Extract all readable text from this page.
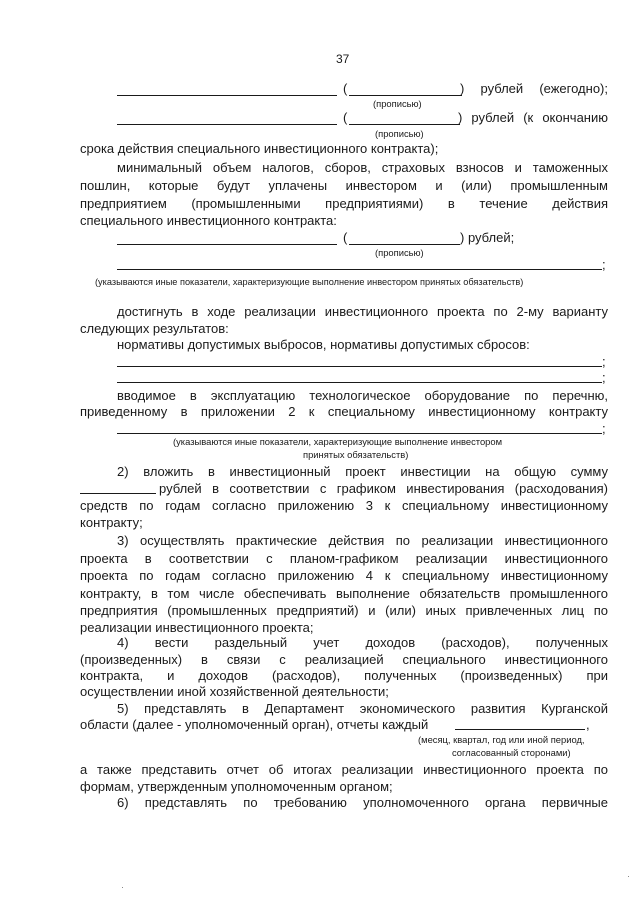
37
(	) рублей (ежегодно);
(прописью)
(	) рублей (к окончанию
(прописью)
срока действия специального инвестиционного контракта);
минимальный объем налогов, сборов, страховых взносов и таможенных
пошлин, которые будут уплачены инвестором и (или) промышленным
предприятием (промышленными предприятиями) в течение действия
специального инвестиционного контракта:
(	) рублей;
(прописью)
;
(указываются иные показатели, характеризующие выполнение инвестором принятых обязательств)
достигнуть в ходе реализации инвестиционного проекта по 2-му варианту
следующих результатов:
нормативы допустимых выбросов, нормативы допустимых сбросов:
;
;
вводимое в эксплуатацию технологическое оборудование по перечню,
приведенному в приложении 2 к специальному инвестиционному контракту
;
(указываются иные показатели, характеризующие выполнение инвестором
принятых обязательств)
2) вложить в инвестиционный проект инвестиции на общую сумму
рублей в соответствии с графиком инвестирования (расходования)
средств по годам согласно приложению 3 к специальному инвестиционному
контракту;
3) осуществлять практические действия по реализации инвестиционного
проекта в соответствии с планом-графиком реализации инвестиционного
проекта по годам согласно приложению 4 к специальному инвестиционному
контракту, в том числе обеспечивать выполнение обязательств промышленного
предприятия (промышленных предприятий) и (или) иных привлеченных лиц по
реализации инвестиционного проекта;
4) вести раздельный учет доходов (расходов), полученных
(произведенных) в связи с реализацией специального инвестиционного
контракта, и доходов (расходов), полученных (произведенных) при
осуществлении иной хозяйственной деятельности;
5) представлять в Департамент экономического развития Курганской
области (далее - уполномоченный орган), отчеты каждый	,
(месяц, квартал, год или иной период,
согласованный сторонами)
а также представить отчет об итогах реализации инвестиционного проекта по
формам, утвержденным уполномоченным органом;
6) представлять по требованию уполномоченного органа первичные
